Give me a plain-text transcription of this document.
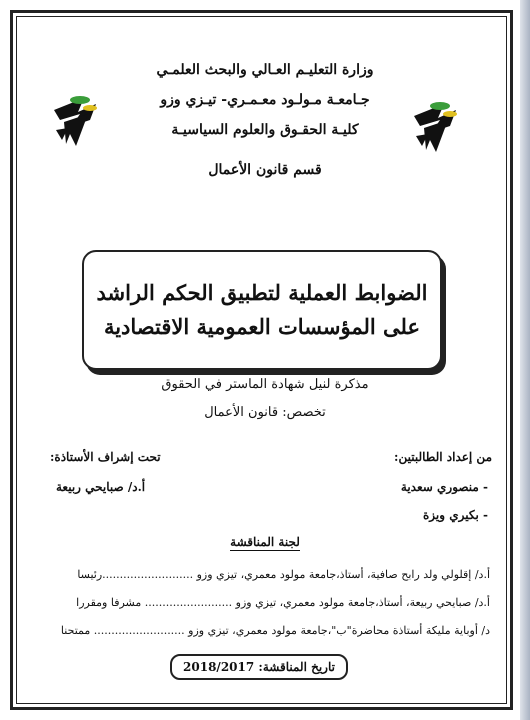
وزارة التعليـم العـالي والبحث العلمـي
جـامعـة مـولـود معـمـري- تيـزي وزو
كليـة الحقـوق والعلوم السياسيـة
قسم قانون الأعمال
الضوابط العملية لتطبيق الحكم الراشد
على المؤسسات العمومية الاقتصادية
مذكرة لنيل شهادة الماستر في الحقوق
تخصص: قانون الأعمال
من إعداد الطالبتين:
- منصوري سعدية
- بكيري ويزة
تحت إشراف الأستاذة:
أ.د/ صبايحي ربيعة
لجنة المناقشة
أ.د/ إقلولي ولد رابح صافية، أستاذ،جامعة مولود معمري، تيزي وزو ..........................رئيسا
أ.د/ صبايحي ربيعة، أستاذ،جامعة مولود معمري، تيزي وزو ......................... مشرفا ومقررا
د/ أوباية مليكة أستاذة محاضرة"ب"،جامعة مولود معمري، تيزي وزو .......................... ممتحنا
تاريخ المناقشة: 2018/2017
